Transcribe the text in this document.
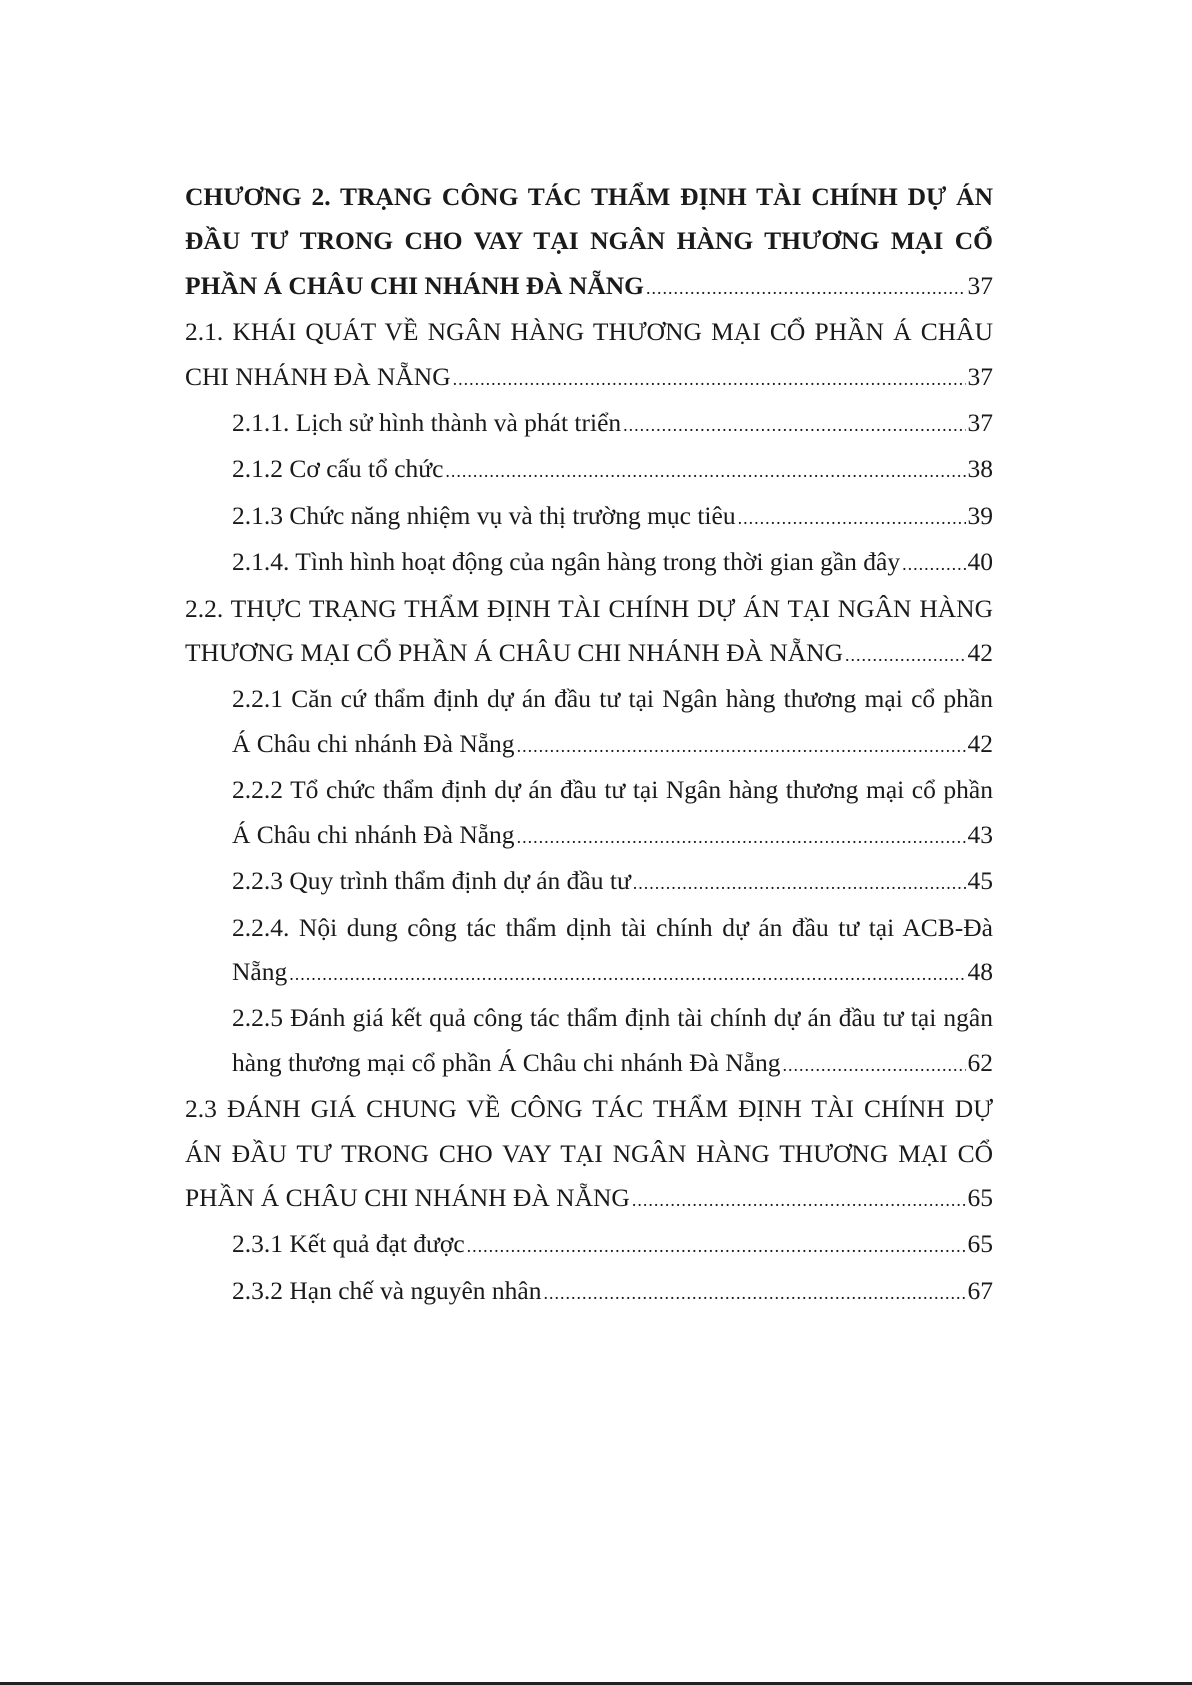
CHƯƠNG 2. TRẠNG CÔNG TÁC THẨM ĐỊNH TÀI CHÍNH DỰ ÁN
ĐẦU TƯ TRONG CHO VAY TẠI NGÂN HÀNG THƯƠNG MẠI CỔ
PHẦN Á CHÂU CHI NHÁNH ĐÀ NẴNG .....	37
2.1. KHÁI QUÁT VỀ NGÂN HÀNG THƯƠNG MẠI CỔ PHẦN Á CHÂU
CHI NHÁNH ĐÀ NẴNG .....	37
2.1.1. Lịch sử hình thành và phát triển .....	37
2.1.2 Cơ cấu tổ chức .....	38
2.1.3 Chức năng nhiệm vụ và thị trường mục tiêu .....	39
2.1.4. Tình hình hoạt động của ngân hàng trong thời gian gần đây .....	40
2.2. THỰC TRẠNG THẨM ĐỊNH TÀI CHÍNH DỰ ÁN TẠI NGÂN HÀNG
THƯƠNG MẠI CỔ PHẦN Á CHÂU CHI NHÁNH ĐÀ NẴNG .....	42
2.2.1 Căn cứ thẩm định dự án đầu tư tại Ngân hàng thương mại cổ phần
Á Châu chi nhánh Đà Nẵng .....	42
2.2.2 Tổ chức thẩm định dự án đầu tư tại Ngân hàng thương mại cổ phần
Á Châu chi nhánh Đà Nẵng .....	43
2.2.3 Quy trình thẩm định dự án đầu tư .....	45
2.2.4. Nội dung công tác thẩm dịnh tài chính dự án đầu tư tại ACB-Đà
Nẵng .....	48
2.2.5 Đánh giá kết quả công tác thẩm định tài chính dự án đầu tư tại ngân
hàng thương mại cổ phần Á Châu chi nhánh Đà Nẵng .....	62
2.3 ĐÁNH GIÁ CHUNG VỀ CÔNG TÁC THẨM ĐỊNH TÀI CHÍNH DỰ
ÁN ĐẦU TƯ TRONG CHO VAY TẠI NGÂN HÀNG THƯƠNG MẠI CỔ
PHẦN Á CHÂU CHI NHÁNH ĐÀ NẴNG .....	65
2.3.1 Kết quả đạt được .....	65
2.3.2 Hạn chế và nguyên nhân .....	67
